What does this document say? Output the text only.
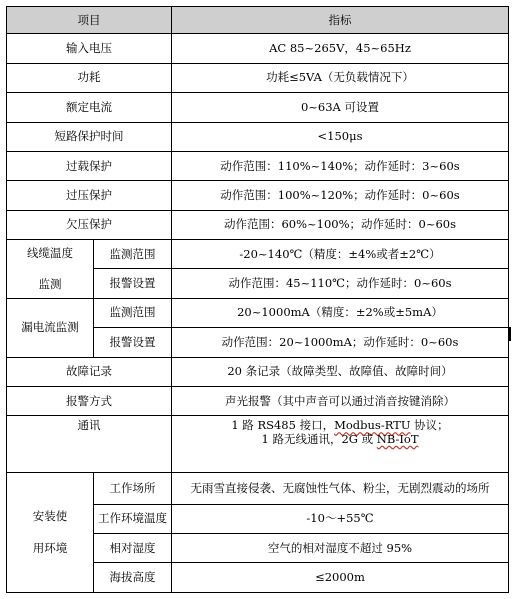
项目		指标
输入电压		AC 85~265V，45~65Hz
功耗		功耗≤5VA（无负载情况下）
额定电流		0~63A 可设置
短路保护时间		<150μs
过载保护		动作范围：110%~140%；动作延时：3~60s
过压保护		动作范围：100%~120%；动作延时：0~60s
欠压保护		动作范围：60%~100%；动作延时：0~60s

线缆温度
监测	监测范围	-20~140℃（精度：±4%或者±2℃）
	报警设置	动作范围：45~110℃；动作延时：0~60s
漏电流监测	监测范围	20~1000mA（精度：±2%或±5mA）
	报警设置	动作范围：20~1000mA；动作延时：0~60s
故障记录		20 条记录（故障类型、故障值、故障时间）
报警方式		声光报警（其中声音可以通过消音按键消除）
通讯		1 路 RS485 接口，Modbus-RTU 协议；
1 路无线通讯，2G 或 NB-IoT

安装使
用环境	工作场所	无雨雪直接侵袭、无腐蚀性气体、粉尘，无剧烈震动的场所
	工作环境温度	-10～+55℃
	相对湿度	空气的相对湿度不超过 95%
	海拔高度	≤2000m
